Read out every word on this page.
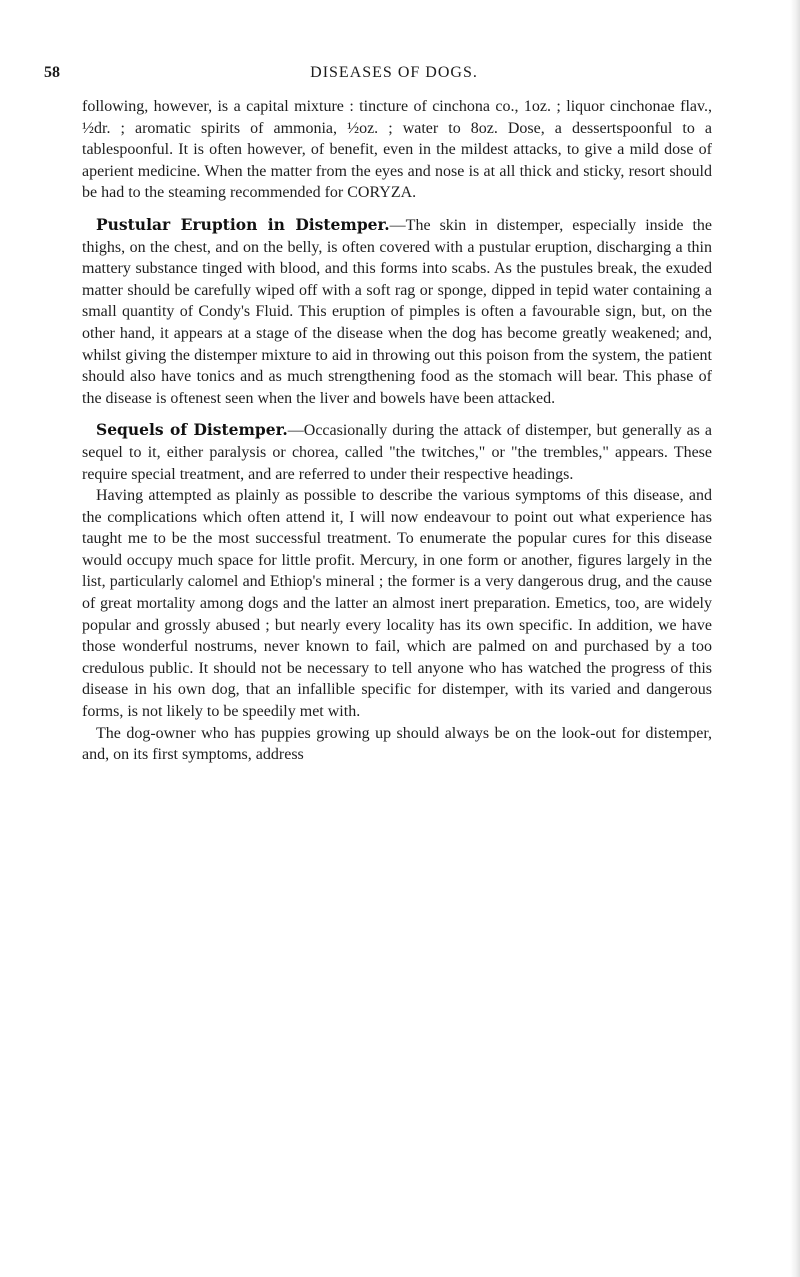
58	DISEASES OF DOGS.

following, however, is a capital mixture : tincture of cinchona co., 1oz. ; liquor cinchonae flav., ½dr. ; aromatic spirits of ammonia, ½oz. ; water to 8oz. Dose, a dessertspoonful to a tablespoonful. It is often however, of benefit, even in the mildest attacks, to give a mild dose of aperient medicine. When the matter from the eyes and nose is at all thick and sticky, resort should be had to the steaming recommended for CORYZA.

Pustular Eruption in Distemper.—The skin in distemper, especially inside the thighs, on the chest, and on the belly, is often covered with a pustular eruption, discharging a thin mattery substance tinged with blood, and this forms into scabs. As the pustules break, the exuded matter should be carefully wiped off with a soft rag or sponge, dipped in tepid water containing a small quantity of Condy's Fluid. This eruption of pimples is often a favourable sign, but, on the other hand, it appears at a stage of the disease when the dog has become greatly weakened; and, whilst giving the distemper mixture to aid in throwing out this poison from the system, the patient should also have tonics and as much strengthening food as the stomach will bear. This phase of the disease is oftenest seen when the liver and bowels have been attacked.

Sequels of Distemper.—Occasionally during the attack of distemper, but generally as a sequel to it, either paralysis or chorea, called "the twitches," or "the trembles," appears. These require special treatment, and are referred to under their respective headings.

Having attempted as plainly as possible to describe the various symptoms of this disease, and the complications which often attend it, I will now endeavour to point out what experience has taught me to be the most successful treatment. To enumerate the popular cures for this disease would occupy much space for little profit. Mercury, in one form or another, figures largely in the list, particularly calomel and Ethiop's mineral ; the former is a very dangerous drug, and the cause of great mortality among dogs and the latter an almost inert preparation. Emetics, too, are widely popular and grossly abused ; but nearly every locality has its own specific. In addition, we have those wonderful nostrums, never known to fail, which are palmed on and purchased by a too credulous public. It should not be necessary to tell anyone who has watched the progress of this disease in his own dog, that an infallible specific for distemper, with its varied and dangerous forms, is not likely to be speedily met with.

The dog-owner who has puppies growing up should always be on the look-out for distemper, and, on its first symptoms, address
